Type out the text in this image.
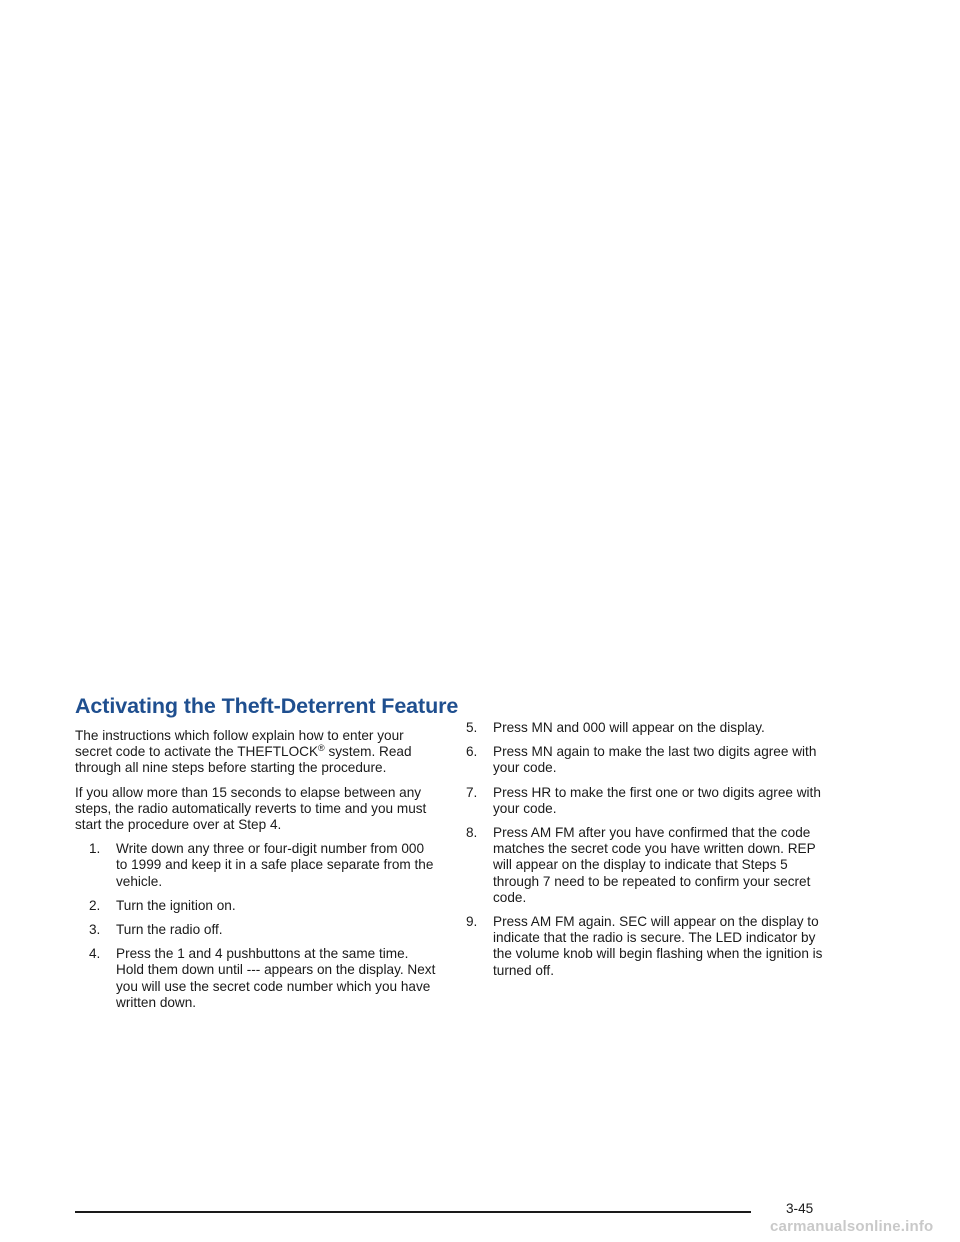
Activating the Theft-Deterrent Feature

The instructions which follow explain how to enter your secret code to activate the THEFTLOCK® system. Read through all nine steps before starting the procedure.

If you allow more than 15 seconds to elapse between any steps, the radio automatically reverts to time and you must start the procedure over at Step 4.

1. Write down any three or four-digit number from 000 to 1999 and keep it in a safe place separate from the vehicle.
2. Turn the ignition on.
3. Turn the radio off.
4. Press the 1 and 4 pushbuttons at the same time. Hold them down until --- appears on the display. Next you will use the secret code number which you have written down.
5. Press MN and 000 will appear on the display.
6. Press MN again to make the last two digits agree with your code.
7. Press HR to make the first one or two digits agree with your code.
8. Press AM FM after you have confirmed that the code matches the secret code you have written down. REP will appear on the display to indicate that Steps 5 through 7 need to be repeated to confirm your secret code.
9. Press AM FM again. SEC will appear on the display to indicate that the radio is secure. The LED indicator by the volume knob will begin flashing when the ignition is turned off.
3-45
carmanualsonline.info
